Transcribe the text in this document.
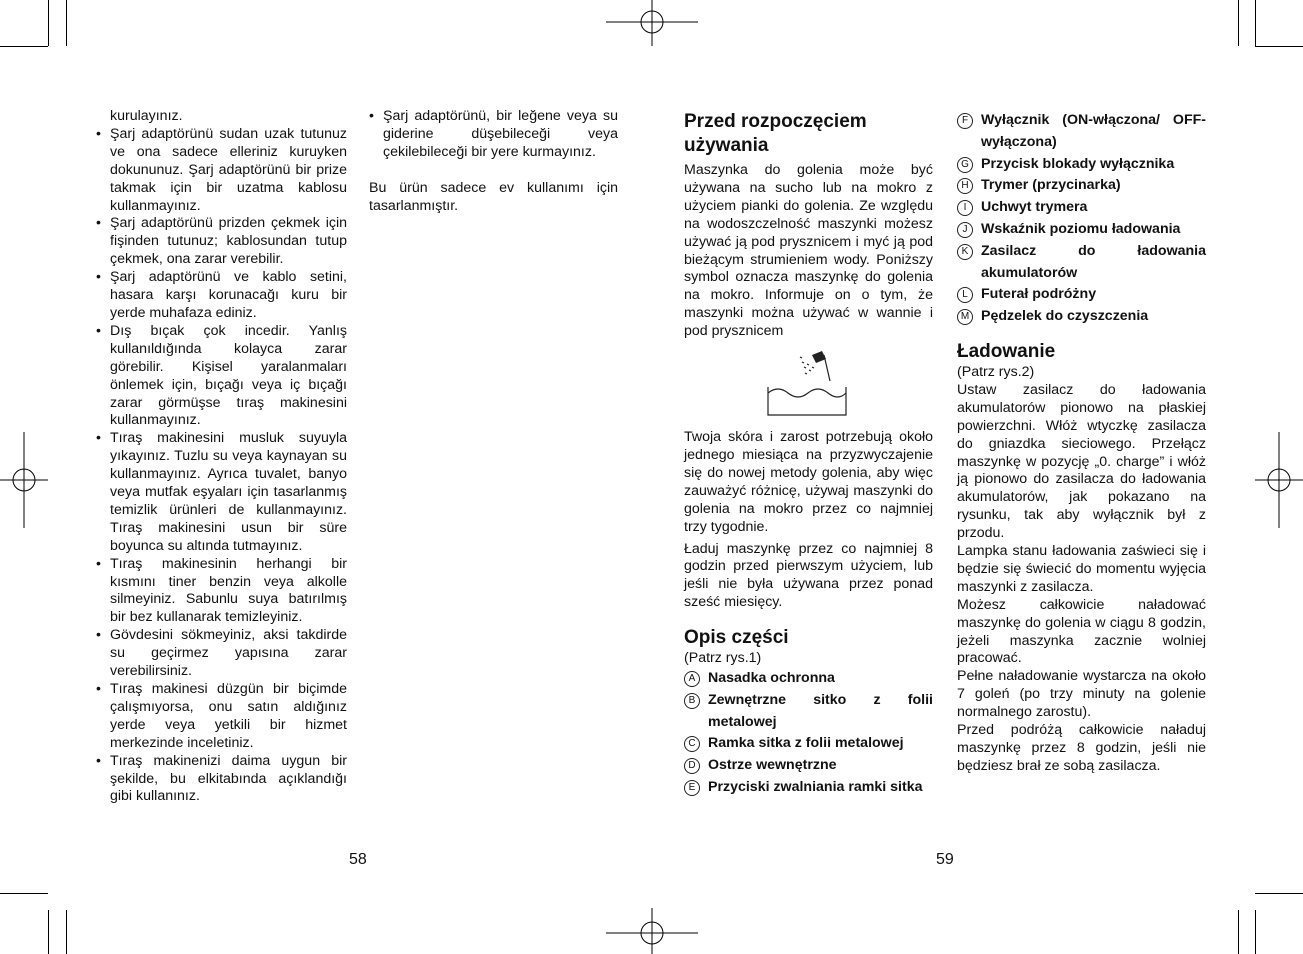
kurulayınız.

• Şarj adaptörünü sudan uzak tutunuz ve ona sadece elleriniz kuruyken dokununuz. Şarj adaptörünü bir prize takmak için bir uzatma kablosu kullanmayınız.
• Şarj adaptörünü prizden çekmek için fişinden tutunuz; kablosundan tutup çekmek, ona zarar verebilir.
• Şarj adaptörünü ve kablo setini, hasara karşı korunacağı kuru bir yerde muhafaza ediniz.
• Dış bıçak çok incedir. Yanlış kullanıldığında kolayca zarar görebilir. Kişisel yaralanmaları önlemek için, bıçağı veya iç bıçağı zarar görmüşse tıraş makinesini kullanmayınız.
• Tıraş makinesini musluk suyuyla yıkayınız. Tuzlu su veya kaynayan su kullanmayınız. Ayrıca tuvalet, banyo veya mutfak eşyaları için tasarlanmış temizlik ürünleri de kullanmayınız. Tıraş makinesini usun bir süre boyunca su altında tutmayınız.
• Tıraş makinesinin herhangi bir kısmını tiner benzin veya alkolle silmeyiniz. Sabunlu suya batırılmış bir bez kullanarak temizleyiniz.
• Gövdesini sökmeyiniz, aksi takdirde su geçirmez yapısına zarar verebilirsiniz.
• Tıraş makinesi düzgün bir biçimde çalışmıyorsa, onu satın aldığınız yerde veya yetkili bir hizmet merkezinde inceletiniz.
• Tıraş makinenizi daima uygun bir şekilde, bu elkitabında açıklandığı gibi kullanınız.
• Şarj adaptörünü, bir leğene veya su giderine düşebileceği veya çekilebileceği bir yere kurmayınız.

Bu ürün sadece ev kullanımı için tasarlanmıştır.

58
Przed rozpoczęciem używania

Maszynka do golenia może być używana na sucho lub na mokro z użyciem pianki do golenia. Ze względu na wodoszczelność maszynki możesz używać ją pod prysznicem i myć ją pod bieżącym strumieniem wody. Poniższy symbol oznacza maszynkę do golenia na mokro. Informuje on o tym, że maszynki można używać w wannie i pod prysznicem

Twoja skóra i zarost potrzebują około jednego miesiąca na przyzwyczajenie się do nowej metody golenia, aby więc zauważyć różnicę, używaj maszynki do golenia na mokro przez co najmniej trzy tygodnie.

Ładuj maszynkę przez co najmniej 8 godzin przed pierwszym użyciem, lub jeśli nie była używana przez ponad sześć miesięcy.

Opis części

(Patrz rys.1)

A Nasadka ochronna
B Zewnętrzne sitko z folii metalowej
C Ramka sitka z folii metalowej
D Ostrze wewnętrzne
E Przyciski zwalniania ramki sitka
F Wyłącznik (ON-włączona/ OFF-wyłączona)
G Przycisk blokady wyłącznika
H Trymer (przycinarka)
I	Uchwyt trymera
J Wskaźnik poziomu ładowania
K Zasilacz do ładowania akumulatorów
L Futerał podróżny
M Pędzelek do czyszczenia
Ładowanie

(Patrz rys.2)

Ustaw zasilacz do ładowania akumulatorów pionowo na płaskiej powierzchni. Włóż wtyczkę zasilacza do gniazdka sieciowego. Przełącz maszynkę w pozycję „0. charge” i włóż ją pionowo do zasilacza do ładowania akumulatorów, jak pokazano na rysunku, tak aby wyłącznik był z przodu.

Lampka stanu ładowania zaświeci się i będzie się świecić do momentu wyjęcia maszynki z zasilacza.

Możesz całkowicie naładować maszynkę do golenia w ciągu 8 godzin, jeżeli maszynka zacznie wolniej pracować.

Pełne naładowanie wystarcza na około 7 goleń (po trzy minuty na golenie normalnego zarostu).

Przed podróżą całkowicie naładuj maszynkę przez 8 godzin, jeśli nie będziesz brał ze sobą zasilacza.

59
